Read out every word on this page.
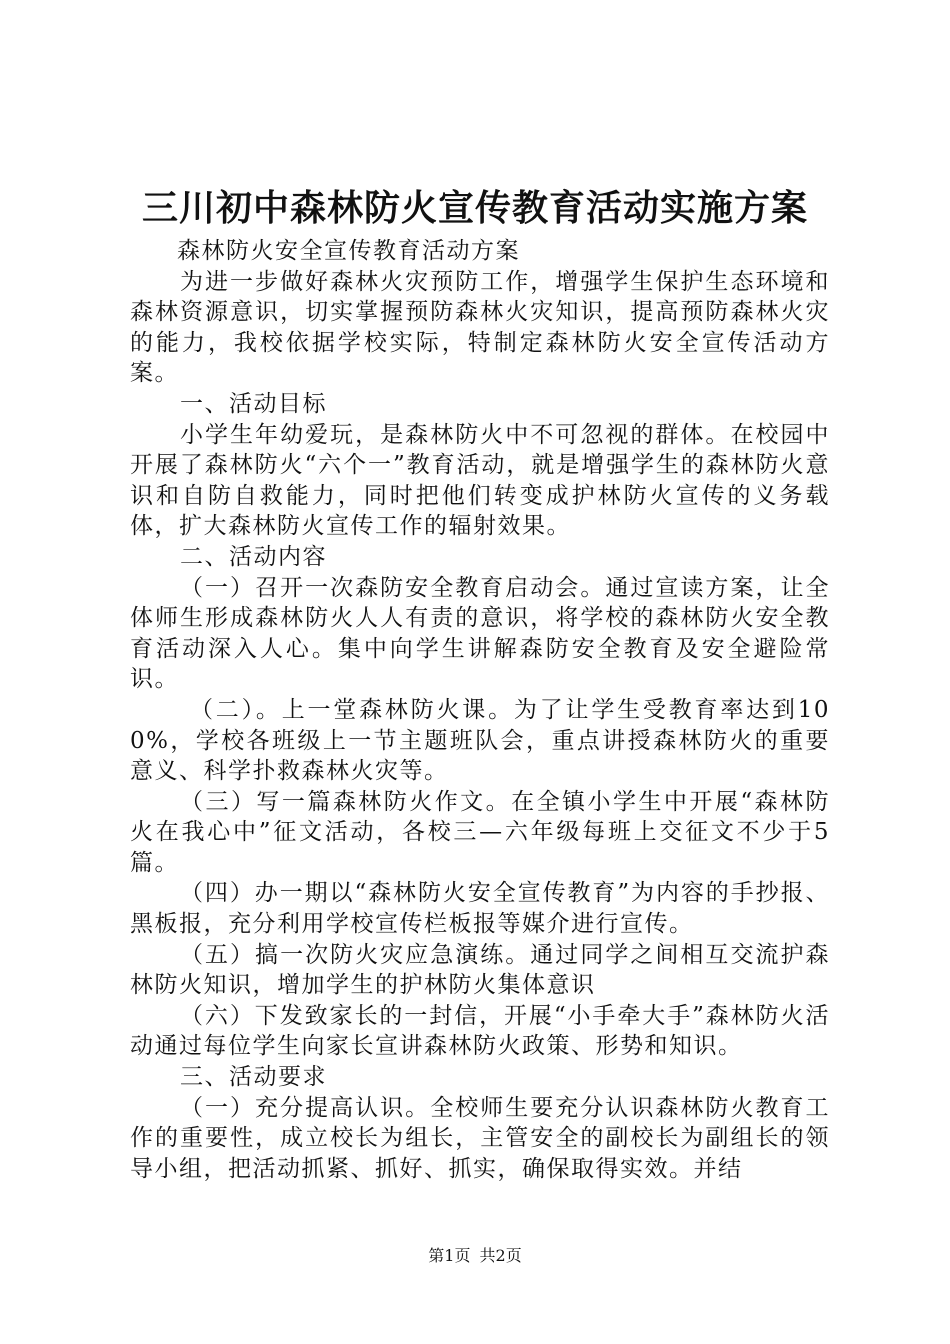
三川初中森林防火宣传教育活动实施方案

森林防火安全宣传教育活动方案

为进一步做好森林火灾预防工作，增强学生保护生态环境和森林资源意识，切实掌握预防森林火灾知识，提高预防森林火灾的能力，我校依据学校实际，特制定森林防火安全宣传活动方案。

一、活动目标

小学生年幼爱玩，是森林防火中不可忽视的群体。在校园中开展了森林防火“六个一”教育活动，就是增强学生的森林防火意识和自防自救能力，同时把他们转变成护林防火宣传的义务载体，扩大森林防火宣传工作的辐射效果。

二、活动内容

（一）召开一次森防安全教育启动会。通过宣读方案，让全体师生形成森林防火人人有责的意识，将学校的森林防火安全教育活动深入人心。集中向学生讲解森防安全教育及安全避险常识。

（二）。上一堂森林防火课。为了让学生受教育率达到100%，学校各班级上一节主题班队会，重点讲授森林防火的重要意义、科学扑救森林火灾等。

（三）写一篇森林防火作文。在全镇小学生中开展“森林防火在我心中”征文活动，各校三—六年级每班上交征文不少于5篇。

（四）办一期以“森林防火安全宣传教育”为内容的手抄报、黑板报，充分利用学校宣传栏板报等媒介进行宣传。

（五）搞一次防火灾应急演练。通过同学之间相互交流护森林防火知识，增加学生的护林防火集体意识

（六）下发致家长的一封信，开展“小手牵大手”森林防火活动通过每位学生向家长宣讲森林防火政策、形势和知识。

三、活动要求

（一）充分提高认识。全校师生要充分认识森林防火教育工作的重要性，成立校长为组长，主管安全的副校长为副组长的领导小组，把活动抓紧、抓好、抓实，确保取得实效。并结

第1页 共2页
